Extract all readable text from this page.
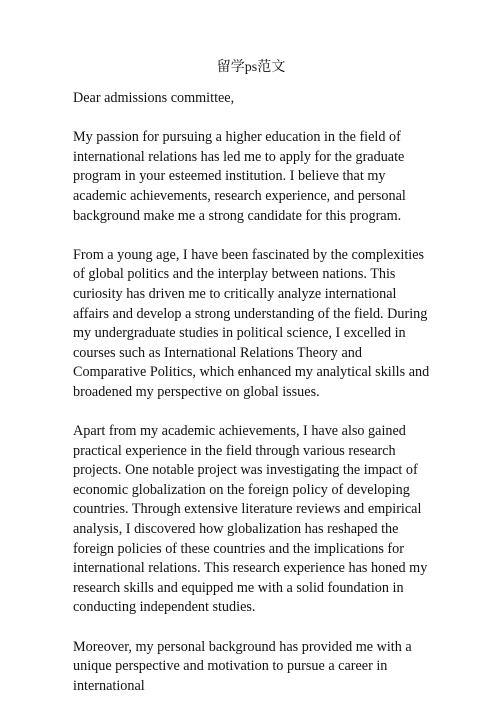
留学ps范文

Dear admissions committee,

My passion for pursuing a higher education in the field of international relations has led me to apply for the graduate program in your esteemed institution. I believe that my academic achievements, research experience, and personal background make me a strong candidate for this program.

From a young age, I have been fascinated by the complexities of global politics and the interplay between nations. This curiosity has driven me to critically analyze international affairs and develop a strong understanding of the field. During my undergraduate studies in political science, I excelled in courses such as International Relations Theory and Comparative Politics, which enhanced my analytical skills and broadened my perspective on global issues.

Apart from my academic achievements, I have also gained practical experience in the field through various research projects. One notable project was investigating the impact of economic globalization on the foreign policy of developing countries. Through extensive literature reviews and empirical analysis, I discovered how globalization has reshaped the foreign policies of these countries and the implications for international relations. This research experience has honed my research skills and equipped me with a solid foundation in conducting independent studies.

Moreover, my personal background has provided me with a unique perspective and motivation to pursue a career in international
